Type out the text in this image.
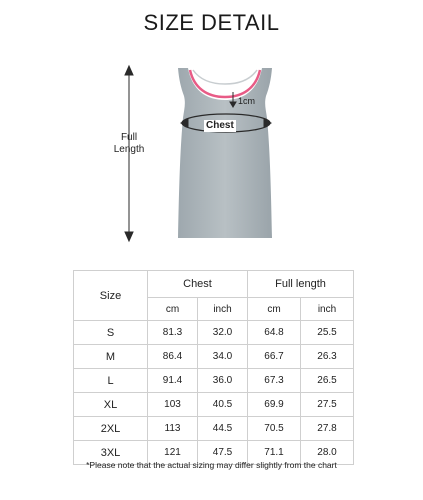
SIZE DETAIL
Full
Length
Chest
1cm
Size	Chest		Full length	
	cm	inch	cm	inch
S	81.3	32.0	64.8	25.5
M	86.4	34.0	66.7	26.3
L	91.4	36.0	67.3	26.5
XL	103	40.5	69.9	27.5
2XL	113	44.5	70.5	27.8
3XL	121	47.5	71.1	28.0
*Please note that the actual sizing may differ slightly from the chart
